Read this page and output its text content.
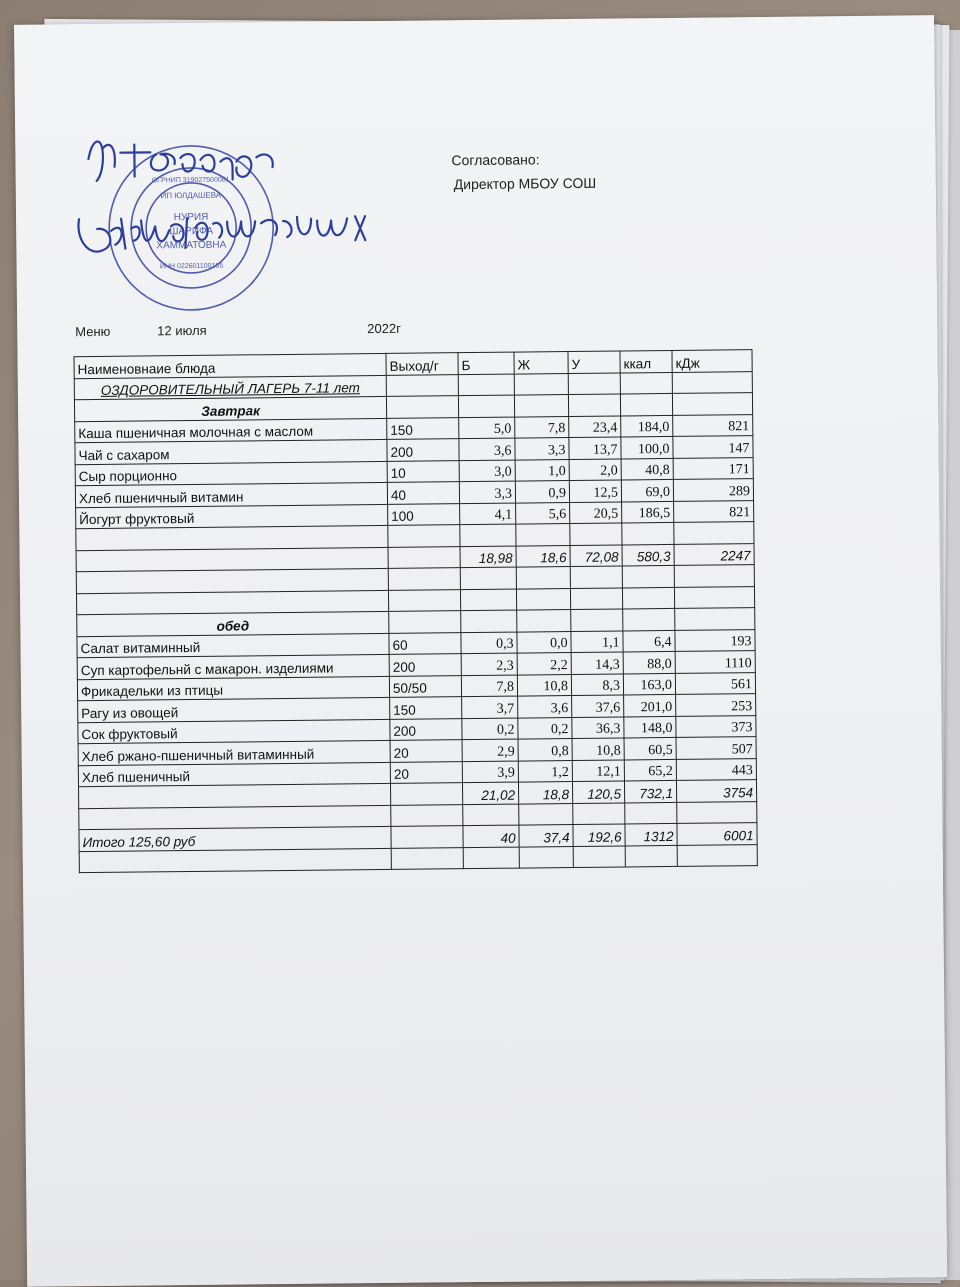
ИП ЮЛДАШЕВА
НУРИЯ
ШАРИФА
ХАММАТОВНА
ОГРНИП 319027500081
ИНН 022601100165
Согласовано:
Директор МБОУ СОШ
Меню	12 июля	2022г
Наименовнаие блюда	Выход/г	Б	Ж	У	ккал	кДж
ОЗДОРОВИТЕЛЬНЫЙ ЛАГЕРЬ 7-11 лет						
Завтрак						
Каша пшеничная молочная с маслом	150	5,0	7,8	23,4	184,0	821
Чай с сахаром	200	3,6	3,3	13,7	100,0	147
Сыр порционно	10	3,0	1,0	2,0	40,8	171
Хлеб пшеничный витамин	40	3,3	0,9	12,5	69,0	289
Йогурт фруктовый	100	4,1	5,6	20,5	186,5	821

		18,98	18,6	72,08	580,3	2247

обед						
Салат витаминный	60	0,3	0,0	1,1	6,4	193
Суп картофельнй с макарон. изделиями	200	2,3	2,2	14,3	88,0	1110
Фрикадельки из птицы	50/50	7,8	10,8	8,3	163,0	561
Рагу из овощей	150	3,7	3,6	37,6	201,0	253
Сок фруктовый	200	0,2	0,2	36,3	148,0	373
Хлеб ржано-пшеничный витаминный	20	2,9	0,8	10,8	60,5	507
Хлеб пшеничный	20	3,9	1,2	12,1	65,2	443
		21,02	18,8	120,5	732,1	3754

Итого 125,60 руб		40	37,4	192,6	1312	6001
